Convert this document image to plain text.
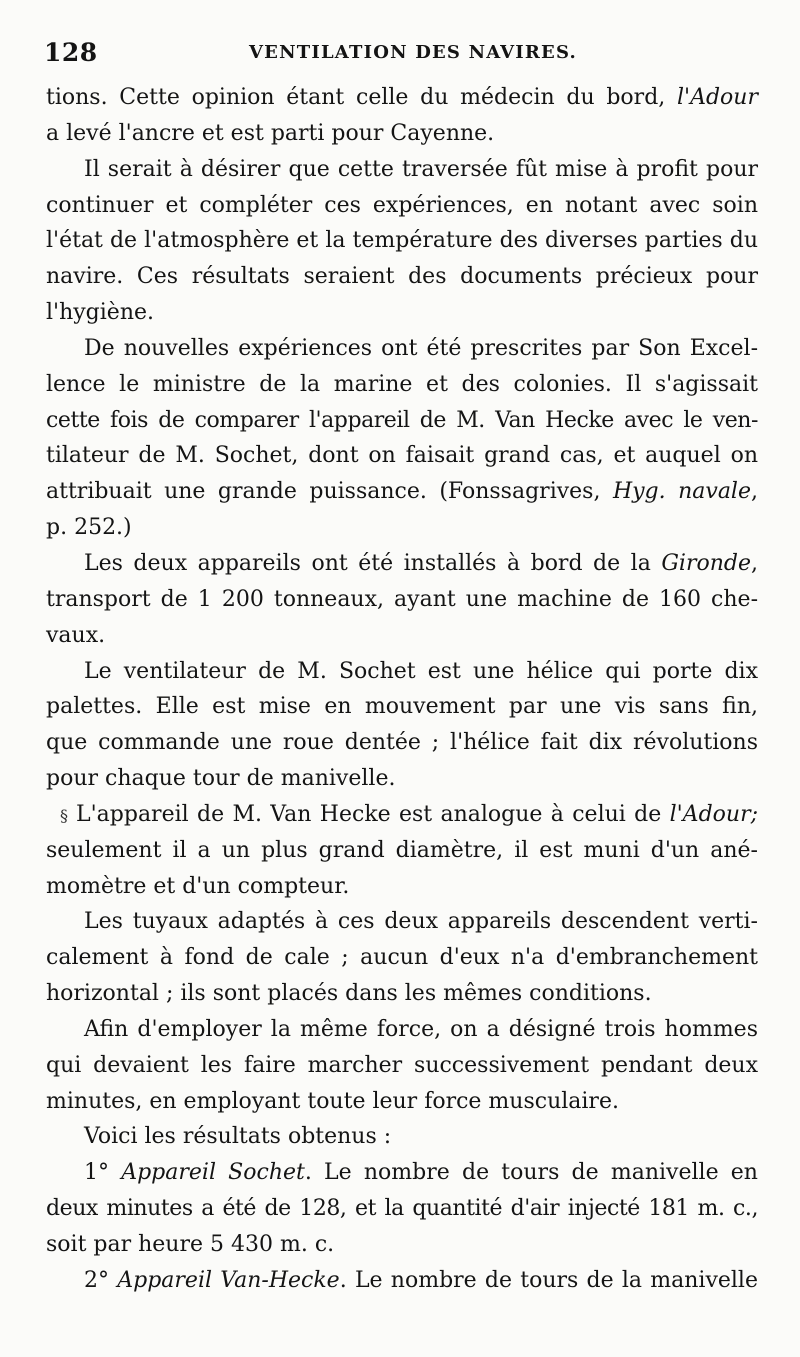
128	VENTILATION DES NAVIRES.
tions. Cette opinion étant celle du médecin du bord, l'Adour
a levé l'ancre et est parti pour Cayenne.
Il serait à désirer que cette traversée fût mise à profit pour
continuer et compléter ces expériences, en notant avec soin
l'état de l'atmosphère et la température des diverses parties du
navire. Ces résultats seraient des documents précieux pour
l'hygiène.
De nouvelles expériences ont été prescrites par Son Excel-
lence le ministre de la marine et des colonies. Il s'agissait
cette fois de comparer l'appareil de M. Van Hecke avec le ven-
tilateur de M. Sochet, dont on faisait grand cas, et auquel on
attribuait une grande puissance. (Fonssagrives, Hyg. navale,
p. 252.)
Les deux appareils ont été installés à bord de la Gironde,
transport de 1 200 tonneaux, ayant une machine de 160 che-
vaux.
Le ventilateur de M. Sochet est une hélice qui porte dix
palettes. Elle est mise en mouvement par une vis sans fin,
que commande une roue dentée ; l'hélice fait dix révolutions
pour chaque tour de manivelle.
§ L'appareil de M. Van Hecke est analogue à celui de l'Adour;
seulement il a un plus grand diamètre, il est muni d'un ané-
momètre et d'un compteur.
Les tuyaux adaptés à ces deux appareils descendent verti-
calement à fond de cale ; aucun d'eux n'a d'embranchement
horizontal ; ils sont placés dans les mêmes conditions.
Afin d'employer la même force, on a désigné trois hommes
qui devaient les faire marcher successivement pendant deux
minutes, en employant toute leur force musculaire.
Voici les résultats obtenus :
1° Appareil Sochet. Le nombre de tours de manivelle en
deux minutes a été de 128, et la quantité d'air injecté 181 m. c.,
soit par heure 5 430 m. c.
2° Appareil Van-Hecke. Le nombre de tours de la manivelle
